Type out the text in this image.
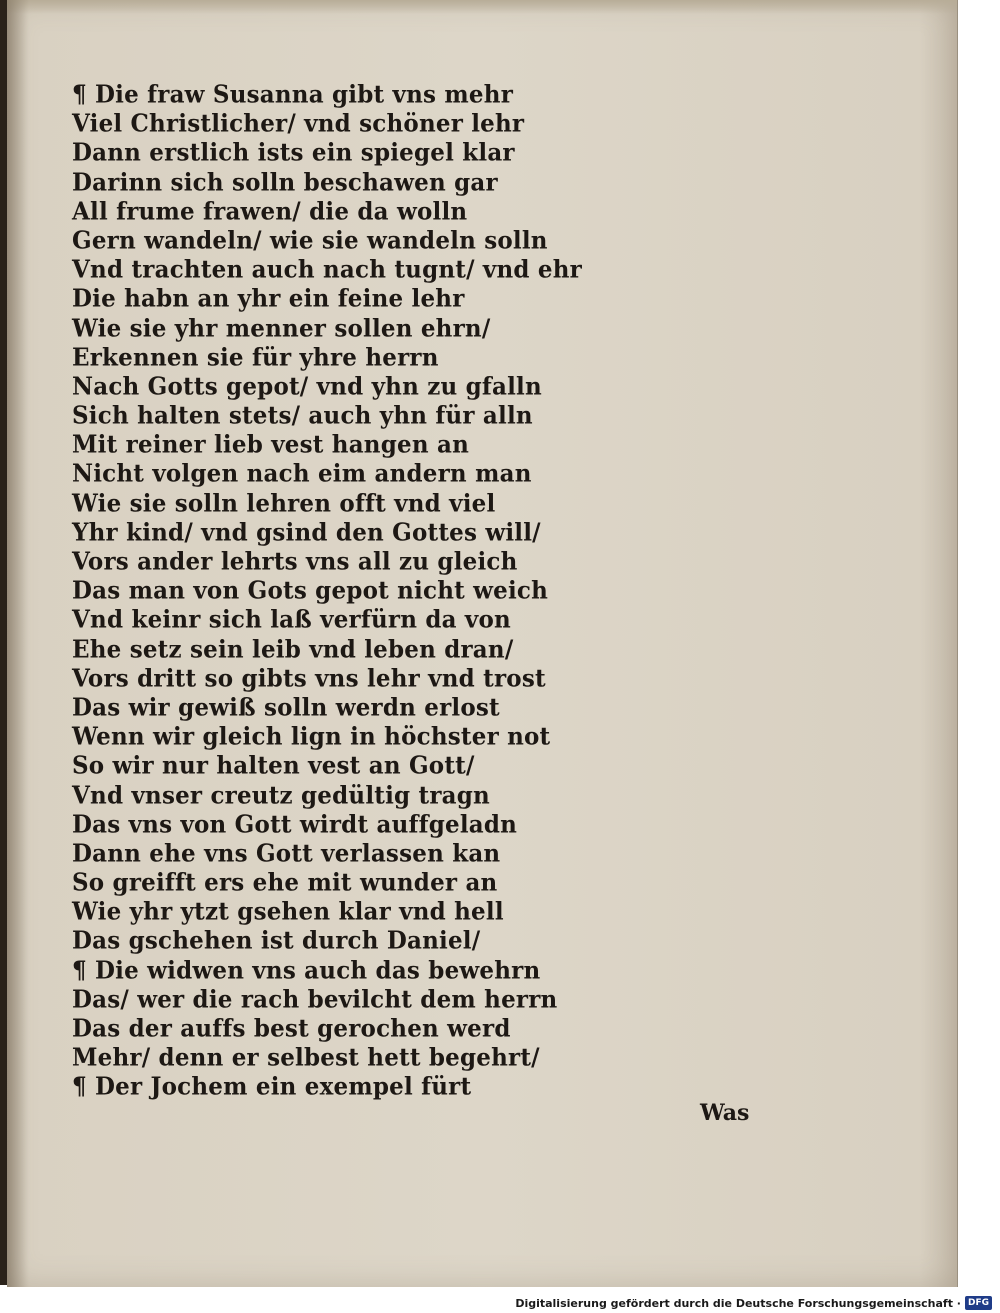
¶ Die fraw Susanna gibt vns mehr
Viel Christlicher/ vnd schöner lehr
Dann erstlich ists ein spiegel klar
Darinn sich solln beschawen gar
All frume frawen/ die da wolln
Gern wandeln/ wie sie wandeln solln
Vnd trachten auch nach tugnt/ vnd ehr
Die habn an yhr ein feine lehr
Wie sie yhr menner sollen ehrn/
Erkennen sie für yhre herrn
Nach Gotts gepot/ vnd yhn zu gfalln
Sich halten stets/ auch yhn für alln
Mit reiner lieb vest hangen an
Nicht volgen nach eim andern man
Wie sie solln lehren offt vnd viel
Yhr kind/ vnd gsind den Gottes will/
Vors ander lehrts vns all zu gleich
Das man von Gots gepot nicht weich
Vnd keinr sich laß verfürn da von
Ehe setz sein leib vnd leben dran/
Vors dritt so gibts vns lehr vnd trost
Das wir gewiß solln werdn erlost
Wenn wir gleich lign in höchster not
So wir nur halten vest an Gott/
Vnd vnser creutz gedültig tragn
Das vns von Gott wirdt auffgeladn
Dann ehe vns Gott verlassen kan
So greifft ers ehe mit wunder an
Wie yhr ytzt gsehen klar vnd hell
Das gschehen ist durch Daniel/
¶ Die widwen vns auch das bewehrn
Das/ wer die rach bevilcht dem herrn
Das der auffs best gerochen werd
Mehr/ denn er selbest hett begehrt/
¶ Der Jochem ein exempel fürt
Was
Digitalisierung gefördert durch die Deutsche Forschungsgemeinschaft · DFG
